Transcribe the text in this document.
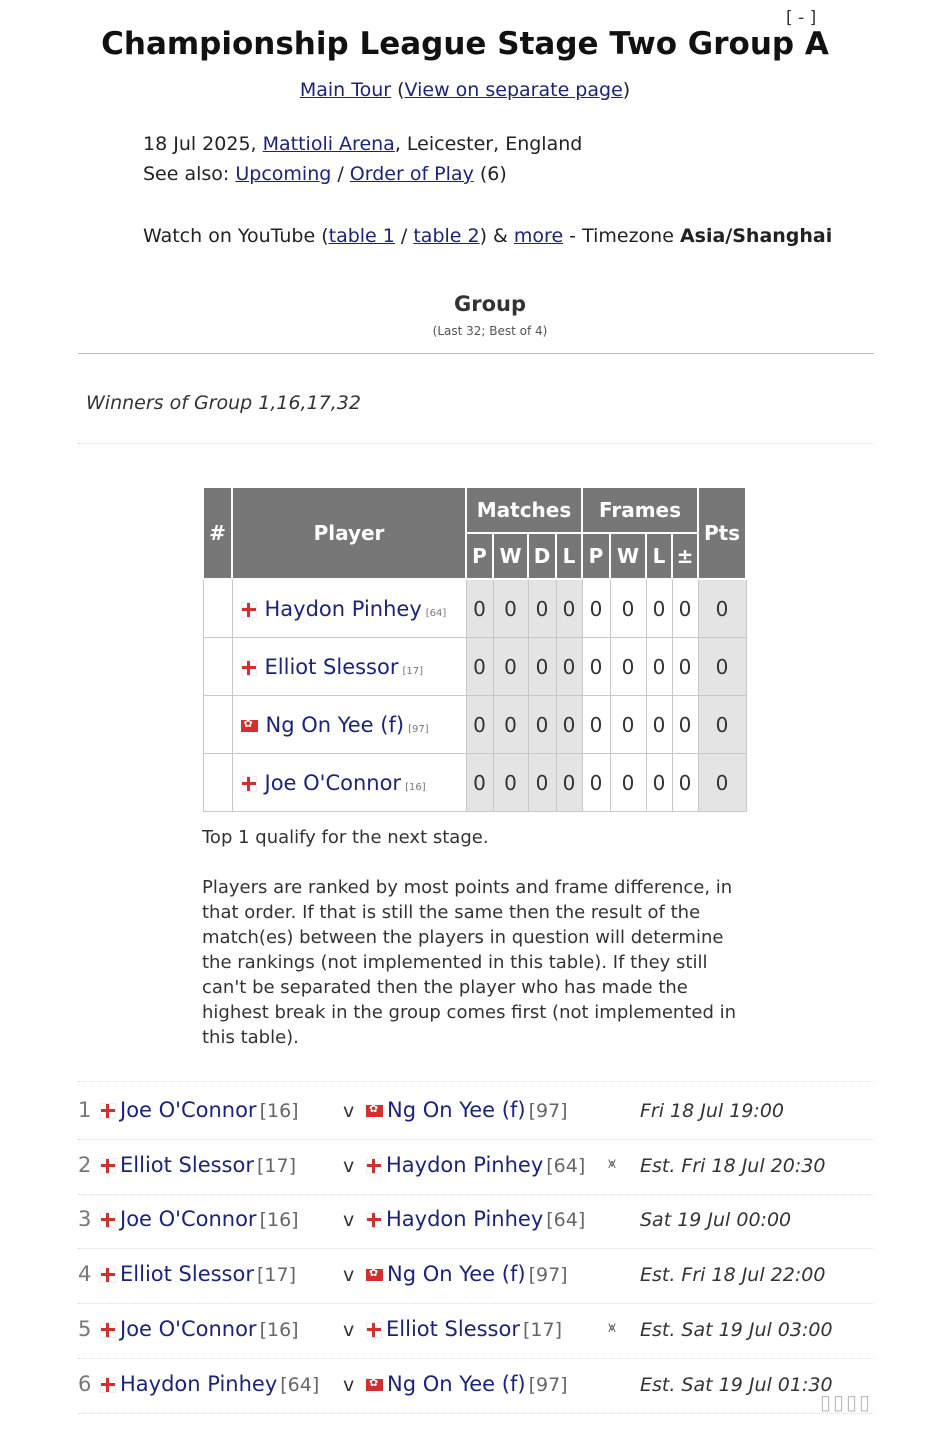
Championship League Stage Two Group A
[ - ]
Main Tour (View on separate page)
18 Jul 2025, Mattioli Arena, Leicester, England
See also: Upcoming / Order of Play (6)
Watch on YouTube (table 1 / table 2) & more - Timezone Asia/Shanghai
Group
(Last 32; Best of 4)
Winners of Group 1,16,17,32
#	Player	Matches				Frames				Pts
		P	W	D	L	P	W	L	±	
	Haydon Pinhey [64]	0	0	0	0	0	0	0	0	0
	Elliot Slessor [17]	0	0	0	0	0	0	0	0	0
	✿Ng On Yee (f) [97]	0	0	0	0	0	0	0	0	0
	Joe O'Connor [16]	0	0	0	0	0	0	0	0	0
Top 1 qualify for the next stage.
Players are ranked by most points and frame difference, in that order. If that is still the same then the result of the match(es) between the players in question will determine the rankings (not implemented in this table). If they still can't be separated then the player who has made the highest break in the group comes first (not implemented in this table).
1	Joe O'Connor [16] v ✿	Ng On Yee (f) [97]	Fri 18 Jul 19:00
2	Elliot Slessor [17] v	Haydon Pinhey [64] ⩙ Est. Fri 18 Jul 20:30
3	Joe O'Connor [16] v	Haydon Pinhey [64]	Sat 19 Jul 00:00
4	Elliot Slessor [17] v ✿	Ng On Yee (f) [97]	Est. Fri 18 Jul 22:00
5	Joe O'Connor [16] v	Elliot Slessor [17]	⩙ Est. Sat 19 Jul 03:00
6	Haydon Pinhey [64] v ✿	Ng On Yee (f) [97]	Est. Sat 19 Jul 01:30
▯▯▯▯
